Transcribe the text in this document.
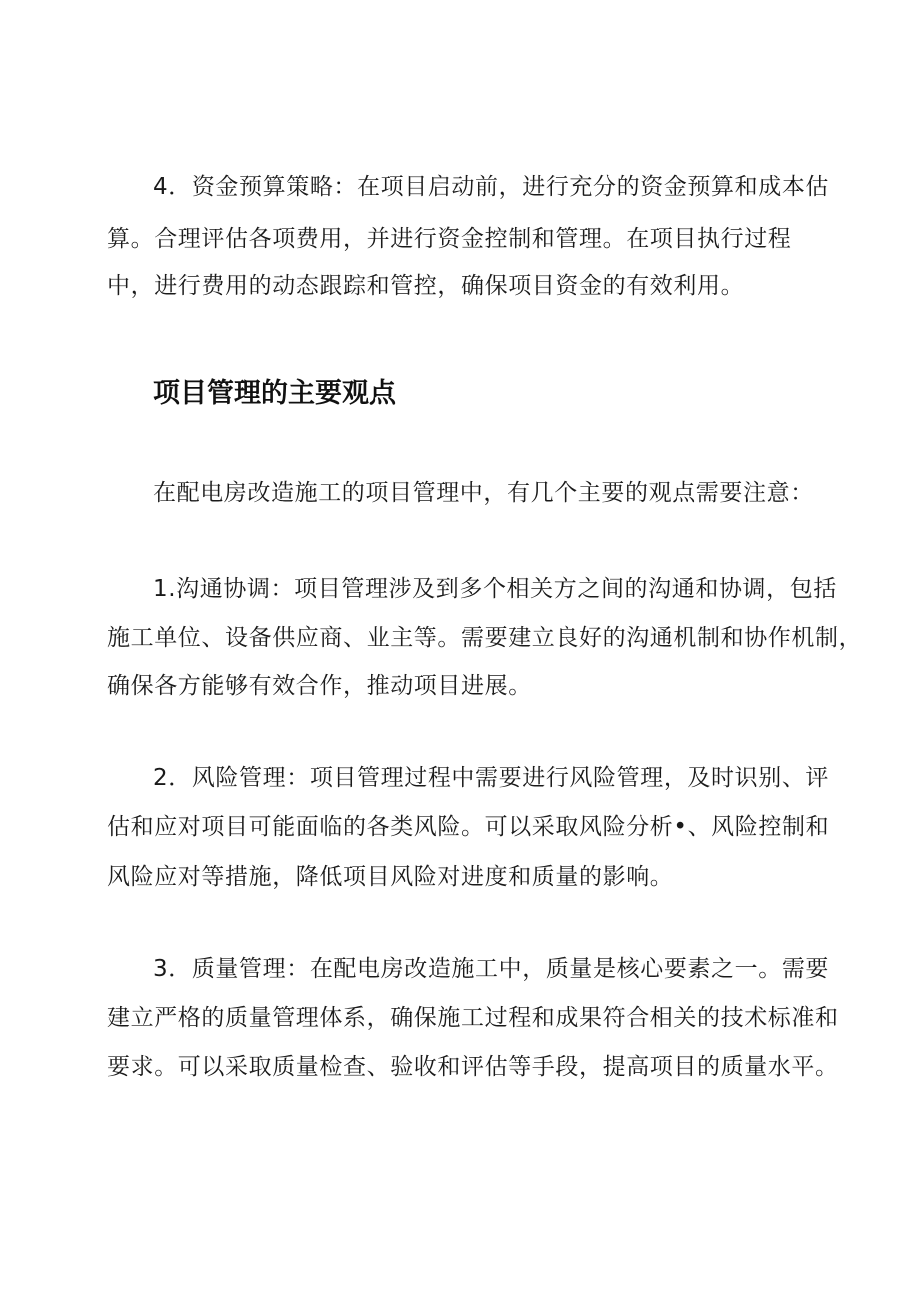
4．资金预算策略：在项目启动前，进行充分的资金预算和成本估
算。合理评估各项费用，并进行资金控制和管理。在项目执行过程
中，进行费用的动态跟踪和管控，确保项目资金的有效利用。
项目管理的主要观点
在配电房改造施工的项目管理中，有几个主要的观点需要注意：
1.沟通协调：项目管理涉及到多个相关方之间的沟通和协调，包括
施工单位、设备供应商、业主等。需要建立良好的沟通机制和协作机制，
确保各方能够有效合作，推动项目进展。
2．风险管理：项目管理过程中需要进行风险管理，及时识别、评
估和应对项目可能面临的各类风险。可以采取风险分析•、风险控制和
风险应对等措施，降低项目风险对进度和质量的影响。
3．质量管理：在配电房改造施工中，质量是核心要素之一。需要
建立严格的质量管理体系，确保施工过程和成果符合相关的技术标准和
要求。可以采取质量检查、验收和评估等手段，提高项目的质量水平。
